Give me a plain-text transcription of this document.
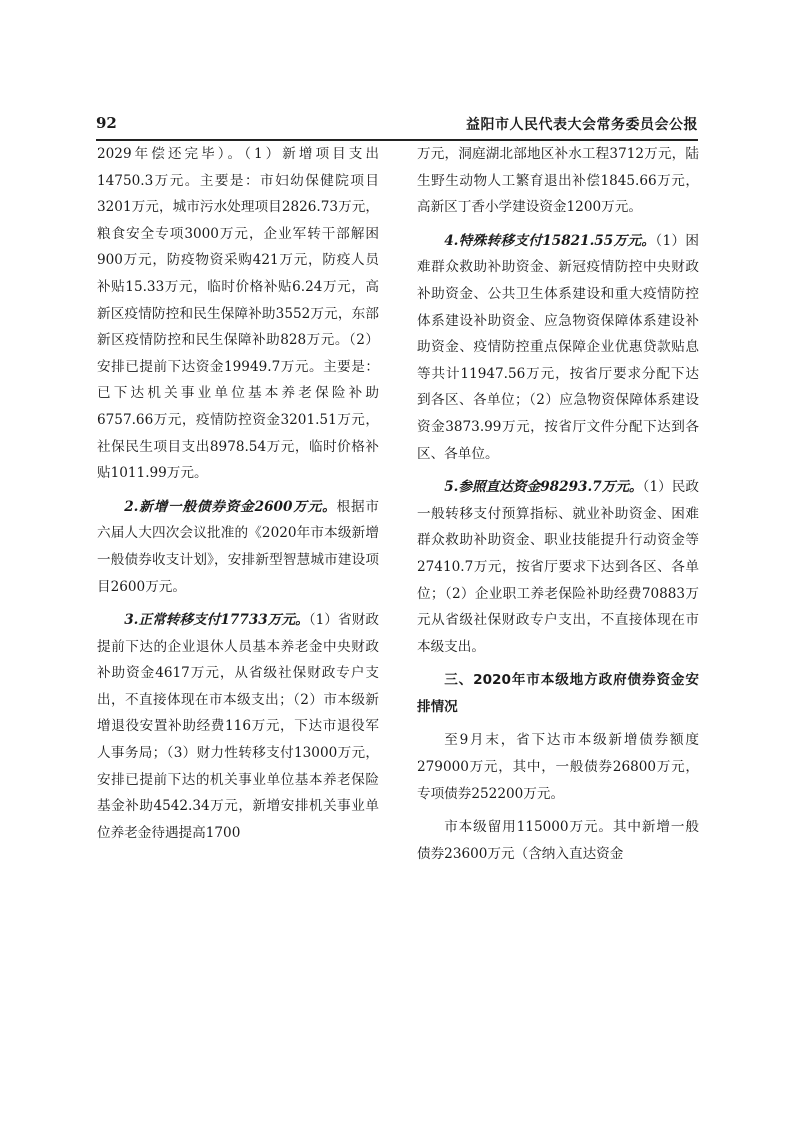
92	益阳市人民代表大会常务委员会公报

2029年偿还完毕）。（1）新增项目支出14750.3万元。主要是：市妇幼保健院项目3201万元，城市污水处理项目2826.73万元，粮食安全专项3000万元，企业军转干部解困900万元，防疫物资采购421万元，防疫人员补贴15.33万元，临时价格补贴6.24万元，高新区疫情防控和民生保障补助3552万元，东部新区疫情防控和民生保障补助828万元。（2）安排已提前下达资金19949.7万元。主要是：已下达机关事业单位基本养老保险补助6757.66万元，疫情防控资金3201.51万元，社保民生项目支出8978.54万元，临时价格补贴1011.99万元。

2.新增一般债券资金2600万元。根据市六届人大四次会议批准的《2020年市本级新增一般债券收支计划》，安排新型智慧城市建设项目2600万元。

3.正常转移支付17733万元。（1）省财政提前下达的企业退休人员基本养老金中央财政补助资金4617万元，从省级社保财政专户支出，不直接体现在市本级支出；（2）市本级新增退役安置补助经费116万元，下达市退役军人事务局；（3）财力性转移支付13000万元，安排已提前下达的机关事业单位基本养老保险基金补助4542.34万元，新增安排机关事业单位养老金待遇提高1700

万元，洞庭湖北部地区补水工程3712万元，陆生野生动物人工繁育退出补偿1845.66万元，高新区丁香小学建设资金1200万元。

4.特殊转移支付15821.55万元。（1）困难群众救助补助资金、新冠疫情防控中央财政补助资金、公共卫生体系建设和重大疫情防控体系建设补助资金、应急物资保障体系建设补助资金、疫情防控重点保障企业优惠贷款贴息等共计11947.56万元，按省厅要求分配下达到各区、各单位；（2）应急物资保障体系建设资金3873.99万元，按省厅文件分配下达到各区、各单位。

5.参照直达资金98293.7万元。（1）民政一般转移支付预算指标、就业补助资金、困难群众救助补助资金、职业技能提升行动资金等27410.7万元，按省厅要求下达到各区、各单位；（2）企业职工养老保险补助经费70883万元从省级社保财政专户支出，不直接体现在市本级支出。

三、2020年市本级地方政府债券资金安排情况

至9月末，省下达市本级新增债券额度279000万元，其中，一般债券26800万元，专项债券252200万元。

市本级留用115000万元。其中新增一般债券23600万元（含纳入直达资金
